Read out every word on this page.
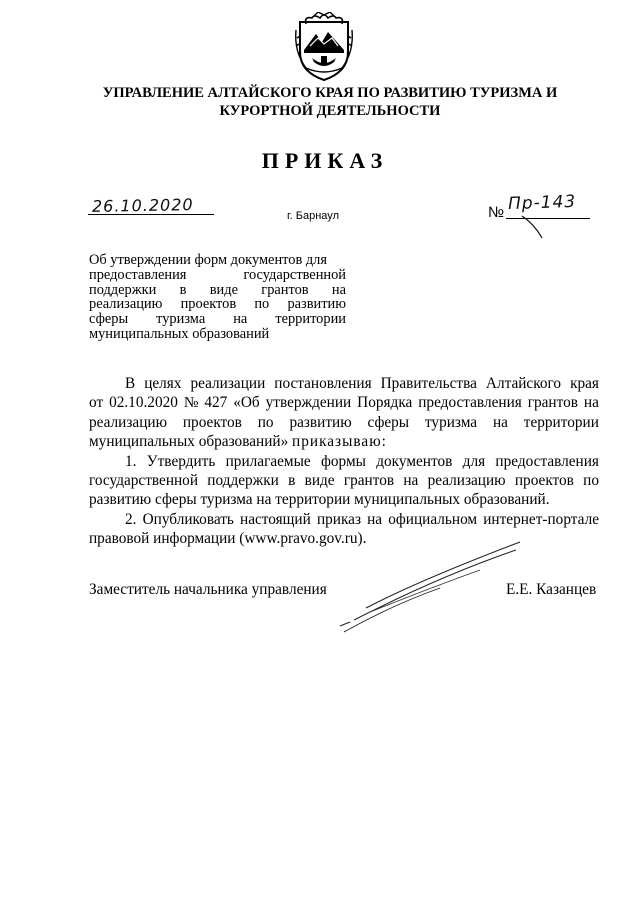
УПРАВЛЕНИЕ АЛТАЙСКОГО КРАЯ ПО РАЗВИТИЮ ТУРИЗМА И
КУРОРТНОЙ ДЕЯТЕЛЬНОСТИ
ПРИКАЗ
26.10.2020
г. Барнаул	№ Пр-143
Об утверждении форм документов для
предоставления	государственной
поддержки в виде грантов на
реализацию проектов по развитию
сферы туризма на территории
муниципальных образований
В целях реализации постановления Правительства Алтайского края
от 02.10.2020 № 427 «Об утверждении Порядка предоставления грантов на
реализацию проектов по развитию сферы туризма на территории
муниципальных образований» приказываю:
1. Утвердить прилагаемые формы документов для предоставления
государственной поддержки в виде грантов на реализацию проектов по
развитию сферы туризма на территории муниципальных образований.
2. Опубликовать настоящий приказ на официальном интернет-портале
правовой информации (www.pravo.gov.ru).
Заместитель начальника управления	Е.Е. Казанцев
